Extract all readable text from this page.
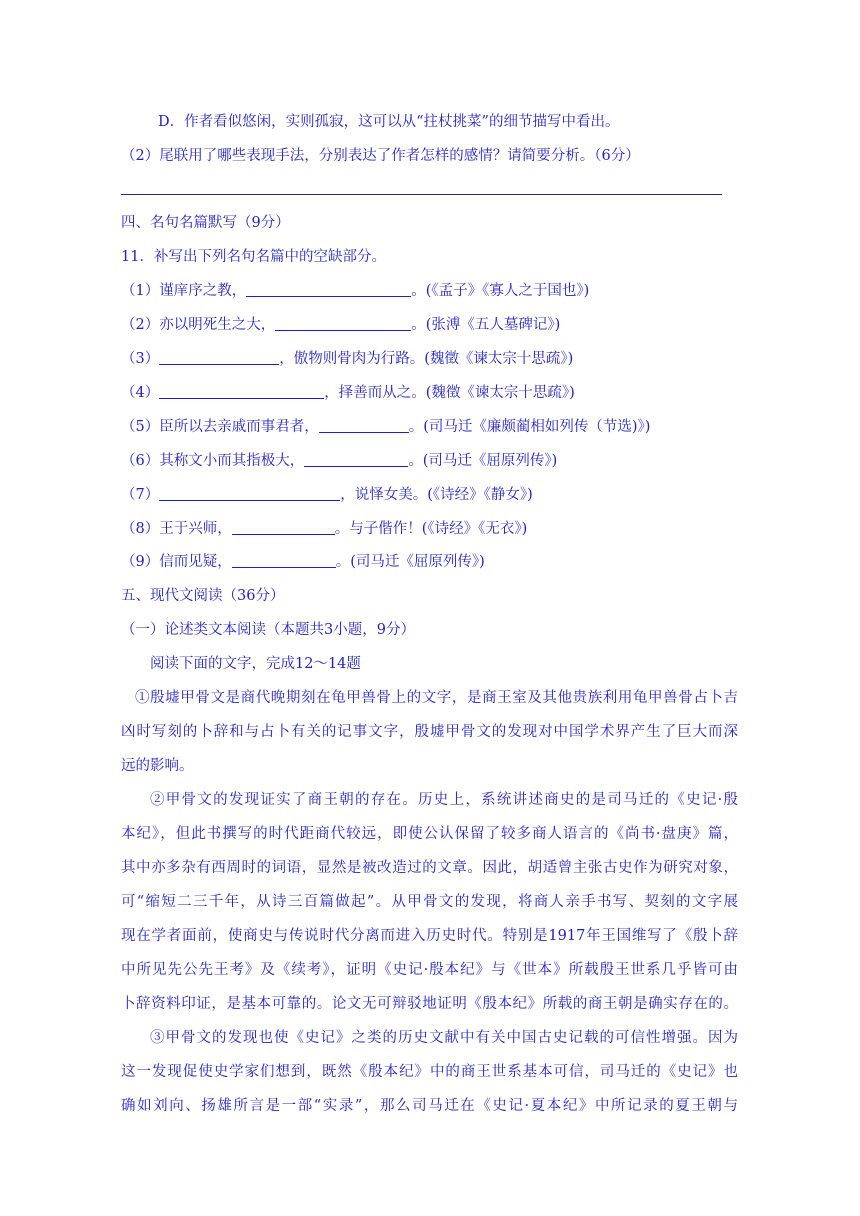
D．作者看似悠闲，实则孤寂，这可以从“拄杖挑菜”的细节描写中看出。
（2）尾联用了哪些表现手法，分别表达了作者怎样的感情？请简要分析。（6分）
四、名句名篇默写（9分）
11．补写出下列名句名篇中的空缺部分。
（1）谨庠序之教，	。(《孟子》《寡人之于国也》)
（2）亦以明死生之大，	。(张溥《五人墓碑记》)
（3）	，傲物则骨肉为行路。(魏徵《谏太宗十思疏》)
（4）	，择善而从之。(魏徵《谏太宗十思疏》)
（5）臣所以去亲戚而事君者，	。(司马迁《廉颇蔺相如列传（节选)》)
（6）其称文小而其指极大，	。(司马迁《屈原列传》)
（7）	，说怿女美。(《诗经》《静女》)
（8）王于兴师，	。与子偕作！(《诗经》《无衣》)
（9）信而见疑，	。(司马迁《屈原列传》)
五、现代文阅读（36分）
（一）论述类文本阅读（本题共3小题，9分）
阅读下面的文字，完成12～14题
①殷墟甲骨文是商代晚期刻在龟甲兽骨上的文字，是商王室及其他贵族利用龟甲兽骨占卜吉
凶时写刻的卜辞和与占卜有关的记事文字，殷墟甲骨文的发现对中国学术界产生了巨大而深
远的影响。
②甲骨文的发现证实了商王朝的存在。历史上，系统讲述商史的是司马迁的《史记·殷
本纪》，但此书撰写的时代距商代较远，即使公认保留了较多商人语言的《尚书·盘庚》篇，
其中亦多杂有西周时的词语，显然是被改造过的文章。因此，胡适曾主张古史作为研究对象，
可“缩短二三千年，从诗三百篇做起”。从甲骨文的发现，将商人亲手书写、契刻的文字展
现在学者面前，使商史与传说时代分离而进入历史时代。特别是1917年王国维写了《殷卜辞
中所见先公先王考》及《续考》，证明《史记·殷本纪》与《世本》所载殷王世系几乎皆可由
卜辞资料印证，是基本可靠的。论文无可辩驳地证明《殷本纪》所载的商王朝是确实存在的。
③甲骨文的发现也使《史记》之类的历史文献中有关中国古史记载的可信性增强。因为
这一发现促使史学家们想到，既然《殷本纪》中的商王世系基本可信，司马迁的《史记》也
确如刘向、扬雄所言是一部“实录”，那么司马迁在《史记·夏本纪》中所记录的夏王朝与
